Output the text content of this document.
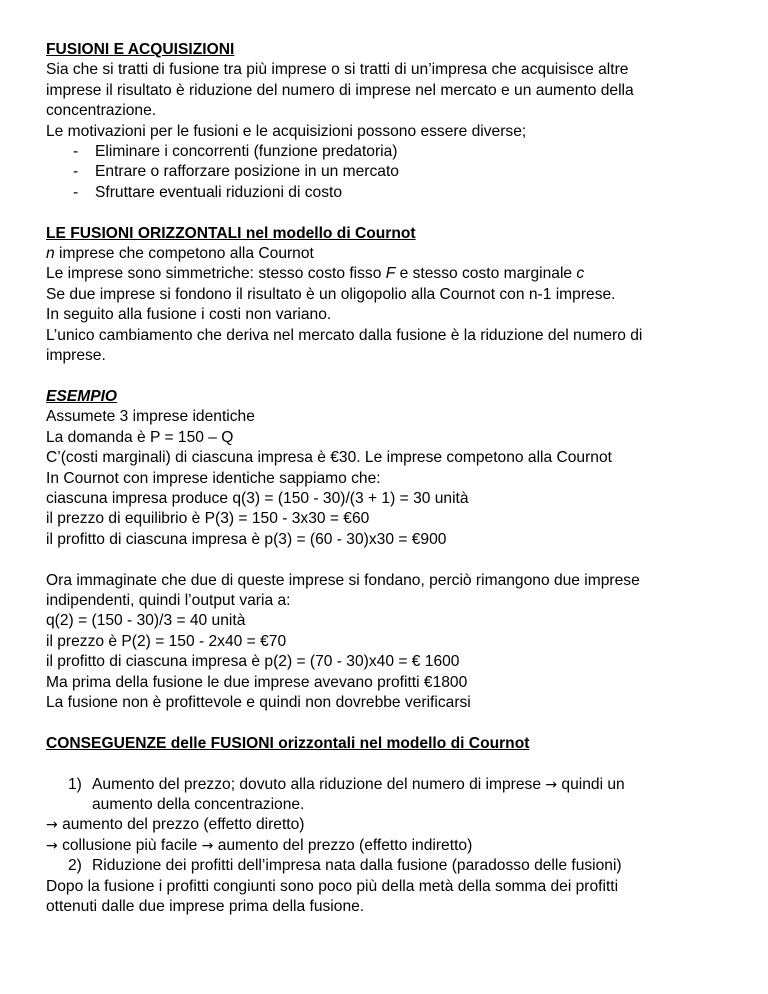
FUSIONI E ACQUISIZIONI
Sia che si tratti di fusione tra più imprese o si tratti di un’impresa che acquisisce altre
imprese il risultato è riduzione del numero di imprese nel mercato e un aumento della
concentrazione.
Le motivazioni per le fusioni e le acquisizioni possono essere diverse;
- Eliminare i concorrenti (funzione predatoria)
- Entrare o rafforzare posizione in un mercato
- Sfruttare eventuali riduzioni di costo
LE FUSIONI ORIZZONTALI nel modello di Cournot
n imprese che competono alla Cournot
Le imprese sono simmetriche: stesso costo fisso F e stesso costo marginale c
Se due imprese si fondono il risultato è un oligopolio alla Cournot con n-1 imprese.
In seguito alla fusione i costi non variano.
L’unico cambiamento che deriva nel mercato dalla fusione è la riduzione del numero di
imprese.
ESEMPIO
Assumete 3 imprese identiche
La domanda è P = 150 – Q
C’(costi marginali) di ciascuna impresa è €30. Le imprese competono alla Cournot
In Cournot con imprese identiche sappiamo che:
ciascuna impresa produce q(3) = (150 - 30)/(3 + 1) = 30 unità
il prezzo di equilibrio è P(3) = 150 - 3x30 = €60
il profitto di ciascuna impresa è p(3) = (60 - 30)x30 = €900
Ora immaginate che due di queste imprese si fondano, perciò rimangono due imprese
indipendenti, quindi l’output varia a:
q(2) = (150 - 30)/3 = 40 unità
il prezzo è P(2) = 150 - 2x40 = €70
il profitto di ciascuna impresa è p(2) = (70 - 30)x40 = € 1600
Ma prima della fusione le due imprese avevano profitti €1800
La fusione non è profittevole e quindi non dovrebbe verificarsi
CONSEGUENZE delle FUSIONI orizzontali nel modello di Cournot
1) Aumento del prezzo; dovuto alla riduzione del numero di imprese → quindi un
aumento della concentrazione.
→ aumento del prezzo (effetto diretto)
→ collusione più facile → aumento del prezzo (effetto indiretto)
2) Riduzione dei profitti dell’impresa nata dalla fusione (paradosso delle fusioni)
Dopo la fusione i profitti congiunti sono poco più della metà della somma dei profitti
ottenuti dalle due imprese prima della fusione.
